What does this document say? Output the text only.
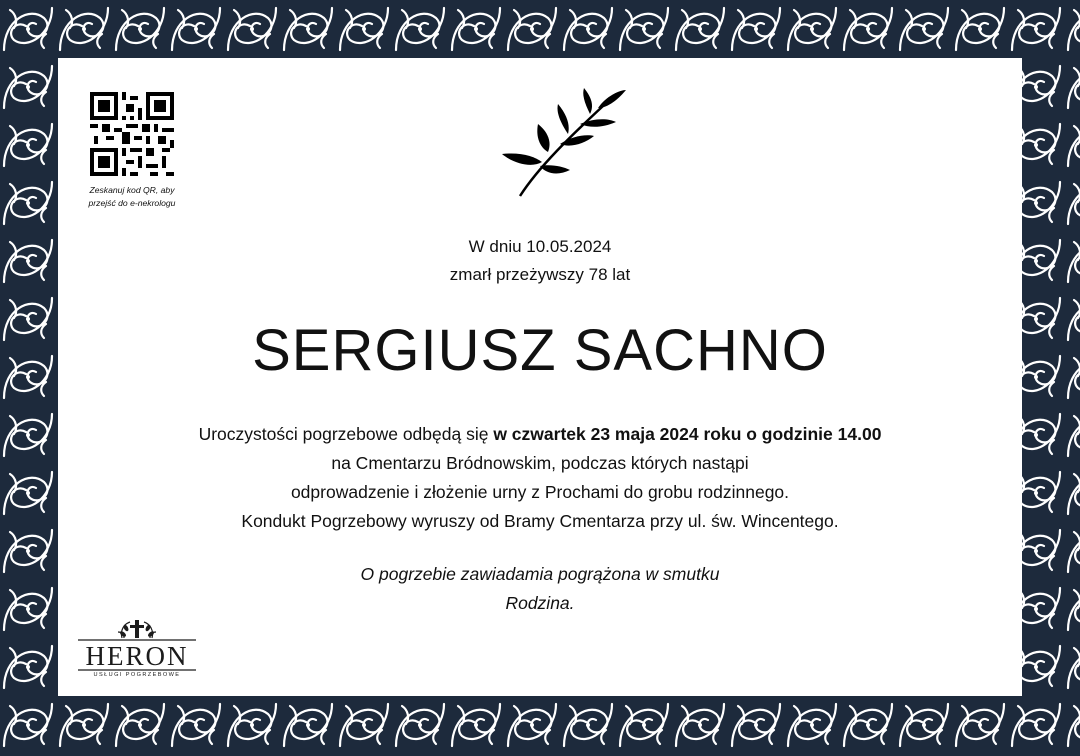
Zeskanuj kod QR, aby
przejść do e-nekrologu
W dniu 10.05.2024
zmarł przeżywszy 78 lat
SERGIUSZ SACHNO
Uroczystości pogrzebowe odbędą się w czwartek 23 maja 2024 roku o godzinie 14.00
na Cmentarzu Bródnowskim, podczas których nastąpi
odprowadzenie i złożenie urny z Prochami do grobu rodzinnego.
Kondukt Pogrzebowy wyruszy od Bramy Cmentarza przy ul. św. Wincentego.
O pogrzebie zawiadamia pogrążona w smutku
Rodzina.
HERON
USŁUGI POGRZEBOWE
